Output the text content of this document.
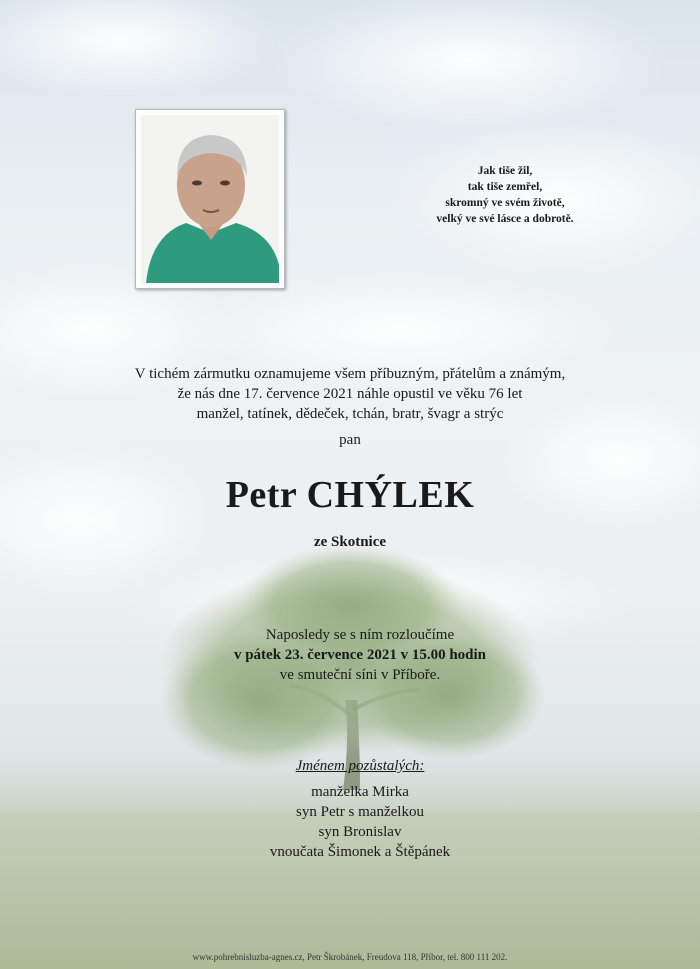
Jak tiše žil,
tak tiše zemřel,
skromný ve svém životě,
velký ve své lásce a dobrotě.
V tichém zármutku oznamujeme všem příbuzným, přátelům a známým,
že nás dne 17. července 2021 náhle opustil ve věku 76 let
manžel, tatínek, dědeček, tchán, bratr, švagr a strýc
pan
Petr CHÝLEK
ze Skotnice
Naposledy se s ním rozloučíme
v pátek 23. července 2021 v 15.00 hodin
ve smuteční síni v Příboře.
Jménem pozůstalých:
manželka Mirka
syn Petr s manželkou
syn Bronislav
vnoučata Šimonek a Štěpánek
www.pohrebnisluzba-agnes.cz, Petr Škrobánek, Freudova 118, Příbor, tel. 800 111 202.
